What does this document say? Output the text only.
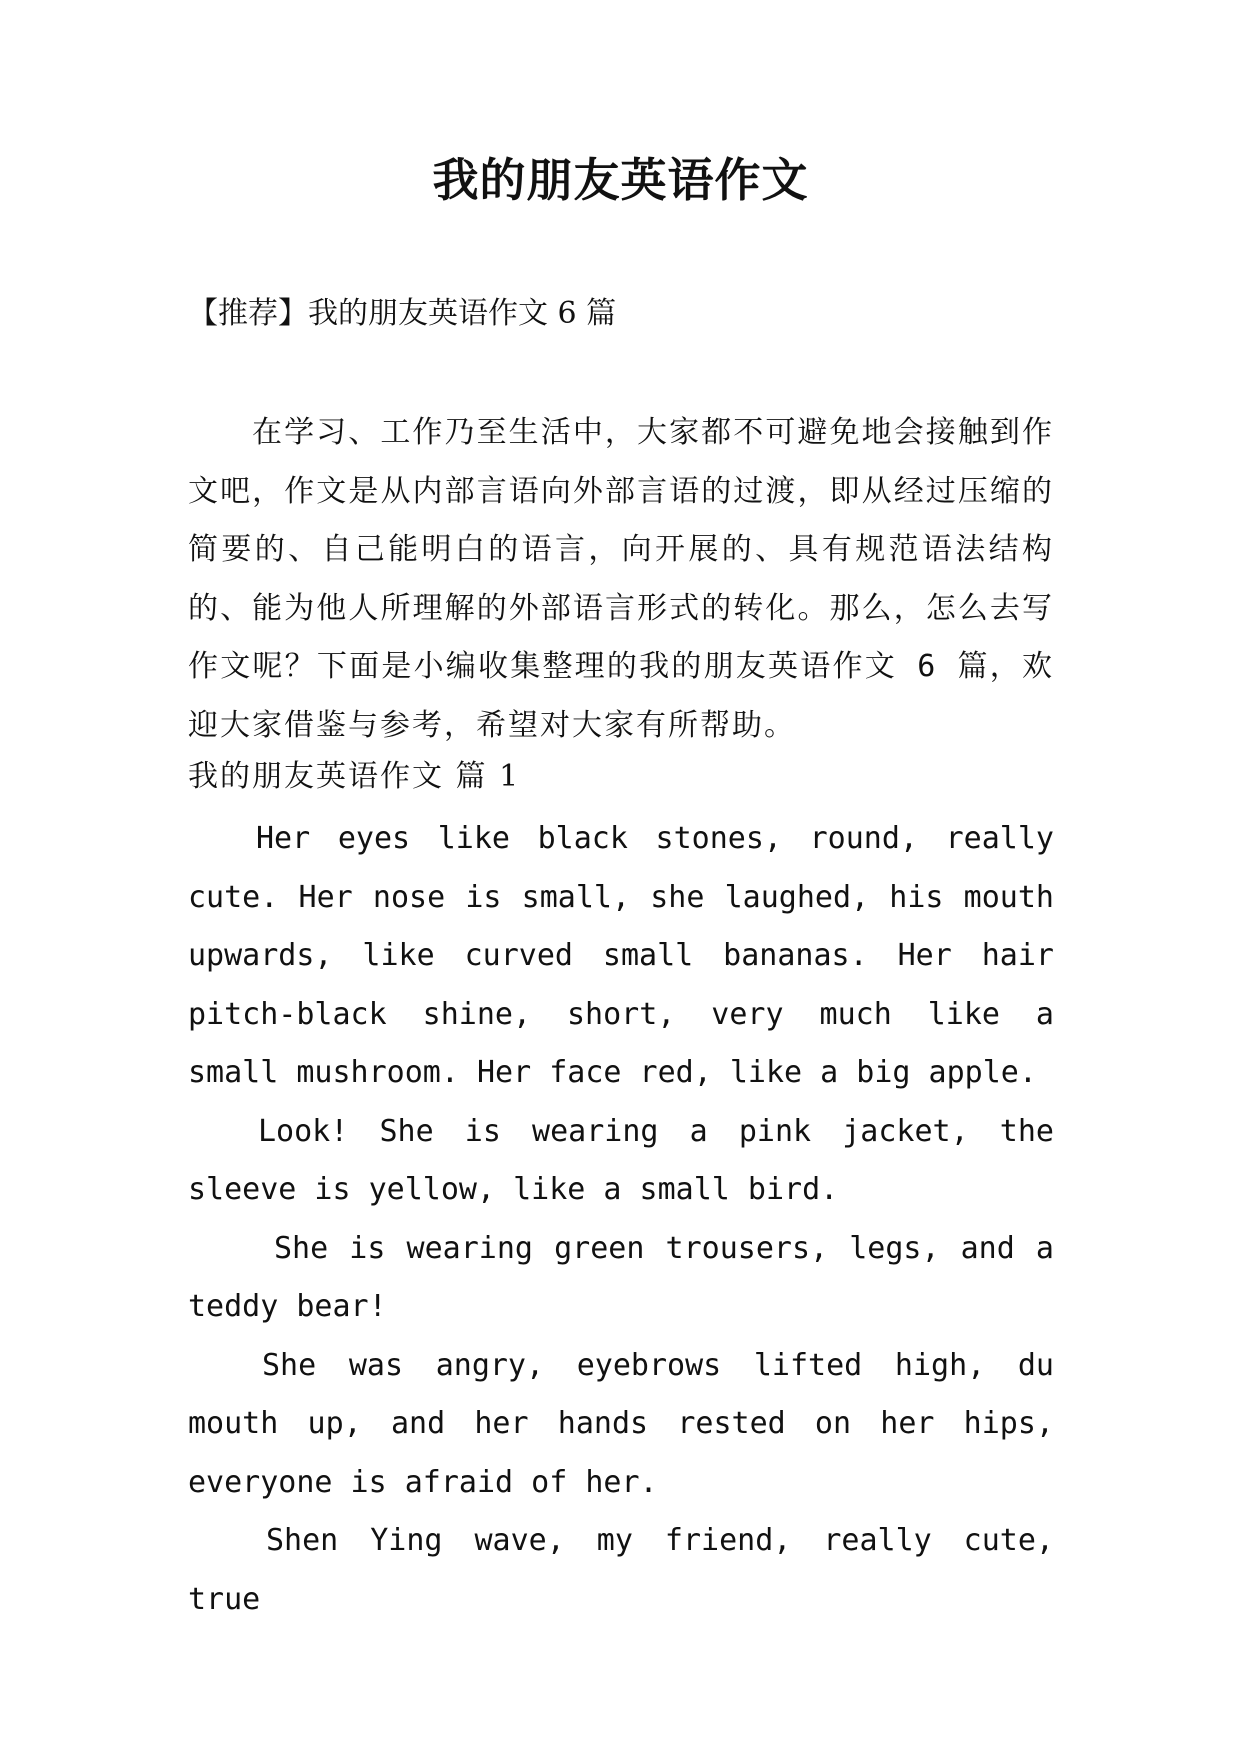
我的朋友英语作文
【推荐】我的朋友英语作文 6 篇
在学习、工作乃至生活中，大家都不可避免地会接触到作文吧，作文是从内部言语向外部言语的过渡，即从经过压缩的简要的、自己能明白的语言，向开展的、具有规范语法结构的、能为他人所理解的外部语言形式的转化。那么，怎么去写作文呢？下面是小编收集整理的我的朋友英语作文 6 篇，欢迎大家借鉴与参考，希望对大家有所帮助。
我的朋友英语作文 篇 1

Her eyes like black stones, round, really cute. Her nose is small, she laughed, his mouth upwards, like curved small bananas. Her hair pitch-black shine, short, very much like a small mushroom. Her face red, like a big apple.

Look! She is wearing a pink jacket, the sleeve is yellow, like a small bird.

She is wearing green trousers, legs, and a teddy bear!

She was angry, eyebrows lifted high, du mouth up, and her hands rested on her hips, everyone is afraid of her.

Shen Ying wave, my friend, really cute, true
